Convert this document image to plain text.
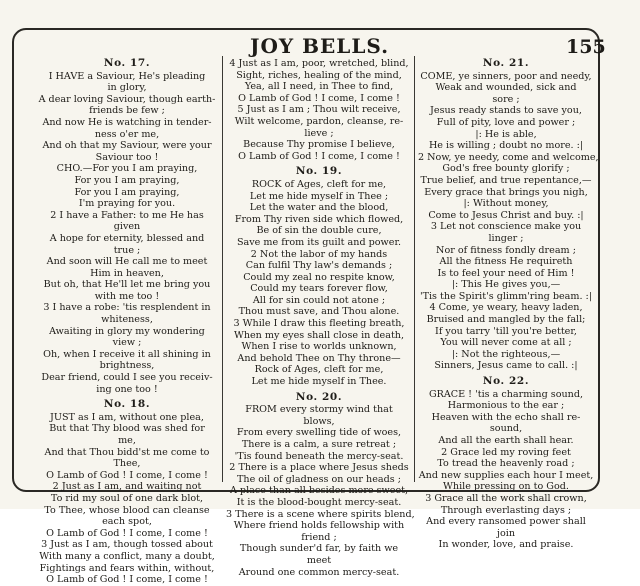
JOY BELLS.	155
No. 17.
I HAVE a Saviour, He's pleading
in glory,
A dear loving Saviour, though earth-
friends be few ;
And now He is watching in tender-
ness o'er me,
And oh that my Saviour, were your
Saviour too !
CHO.—For you I am praying,
For you I am praying,
For you I am praying,
I'm praying for you.
2 I have a Father: to me He has
given
A hope for eternity, blessed and
true ;
And soon will He call me to meet
Him in heaven,
But oh, that He'll let me bring you
with me too !
3 I have a robe: 'tis resplendent in
whiteness,
Awaiting in glory my wondering
view ;
Oh, when I receive it all shining in
brightness,
Dear friend, could I see you receiv-
ing one too !
No. 18.
JUST as I am, without one plea,
But that Thy blood was shed for
me,
And that Thou bidd'st me come to
Thee,
O Lamb of God ! I come, I come !
2 Just as I am, and waiting not
To rid my soul of one dark blot,
To Thee, whose blood can cleanse
each spot,
O Lamb of God ! I come, I come !
3 Just as I am, though tossed about
With many a conflict, many a doubt,
Fightings and fears within, without,
O Lamb of God ! I come, I come !
4 Just as I am, poor, wretched, blind,
Sight, riches, healing of the mind,
Yea, all I need, in Thee to find,
O Lamb of God ! I come, I come !
5 Just as I am ; Thou wilt receive,
Wilt welcome, pardon, cleanse, re-
lieve ;
Because Thy promise I believe,
O Lamb of God ! I come, I come !
No. 19.
ROCK of Ages, cleft for me,
Let me hide myself in Thee ;
Let the water and the blood,
From Thy riven side which flowed,
Be of sin the double cure,
Save me from its guilt and power.
2 Not the labor of my hands
Can fulfil Thy law's demands ;
Could my zeal no respite know,
Could my tears forever flow,
All for sin could not atone ;
Thou must save, and Thou alone.
3 While I draw this fleeting breath,
When my eyes shall close in death,
When I rise to worlds unknown,
And behold Thee on Thy throne—
Rock of Ages, cleft for me,
Let me hide myself in Thee.
No. 20.
FROM every stormy wind that
blows,
From every swelling tide of woes,
There is a calm, a sure retreat ;
'Tis found beneath the mercy-seat.
2 There is a place where Jesus sheds
The oil of gladness on our heads ;
A place than all besides more sweet,
It is the blood-bought mercy-seat.
3 There is a scene where spirits blend,
Where friend holds fellowship with
friend ;
Though sunder'd far, by faith we
meet
Around one common mercy-seat.
No. 21.
COME, ye sinners, poor and needy,
Weak and wounded, sick and
sore ;
Jesus ready stands to save you,
Full of pity, love and power ;
|: He is able,
He is willing ; doubt no more. :|
2 Now, ye needy, come and welcome,
God's free bounty glorify ;
True belief, and true repentance,—
Every grace that brings you nigh,
|: Without money,
Come to Jesus Christ and buy. :|
3 Let not conscience make you
linger ;
Nor of fitness fondly dream ;
All the fitness He requireth
Is to feel your need of Him !
|: This He gives you,—
'Tis the Spirit's glimm'ring beam. :|
4 Come, ye weary, heavy laden,
Bruised and mangled by the fall;
If you tarry 'till you're better,
You will never come at all ;
|: Not the righteous,—
Sinners, Jesus came to call. :|
No. 22.
GRACE ! 'tis a charming sound,
Harmonious to the ear ;
Heaven with the echo shall re-
sound,
And all the earth shall hear.
2 Grace led my roving feet
To tread the heavenly road ;
And new supplies each hour I meet,
While pressing on to God.
3 Grace all the work shall crown,
Through everlasting days ;
And every ransomed power shall
join
In wonder, love, and praise.
